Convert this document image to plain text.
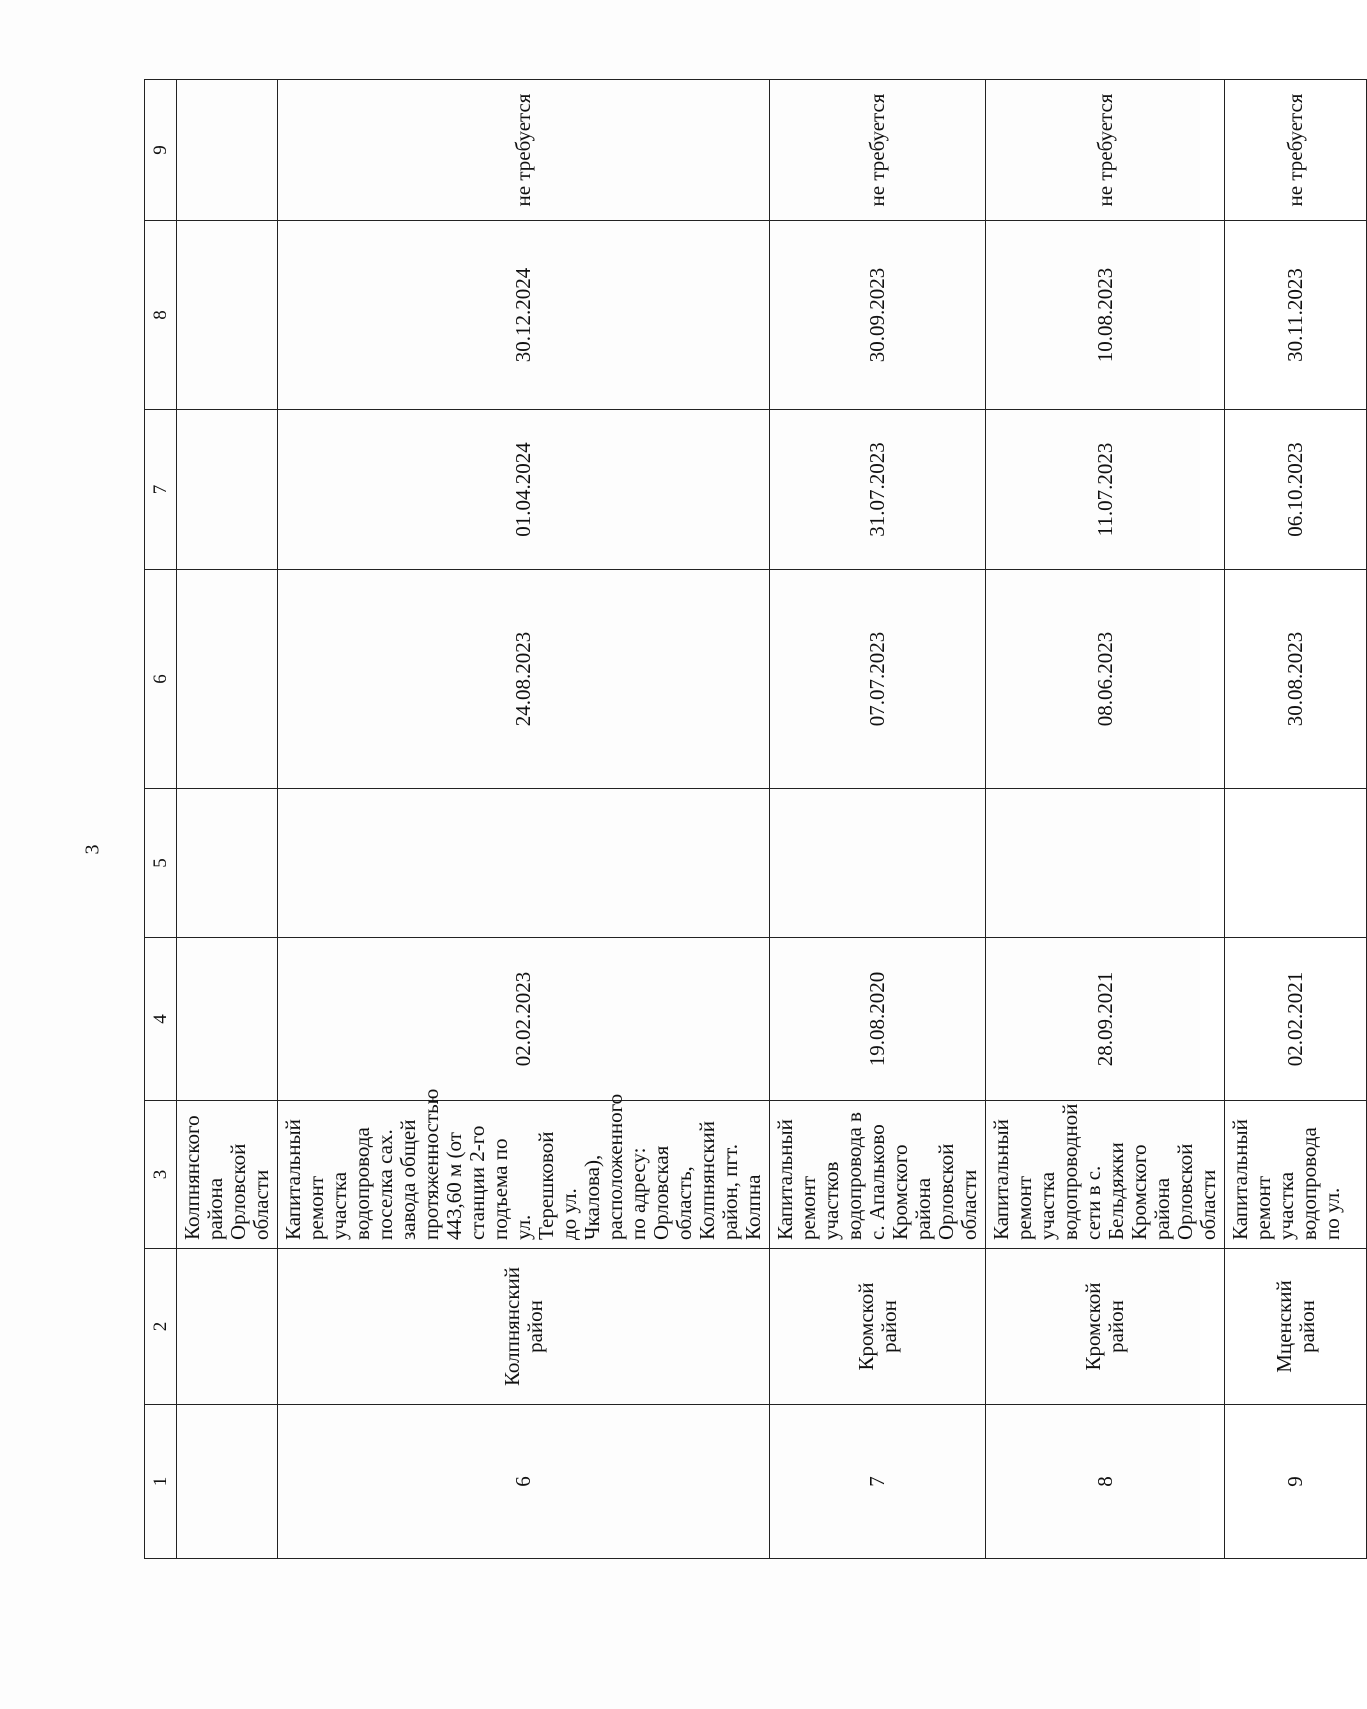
3
1	2	3	4	5	6	7	8	9
		Колпнянского района Орловской области						
6	Колпнянский район	Капитальный ремонт участка водопровода поселка сах. завода общей протяженностью 443,60 м (от станции 2-го подъема по ул. Терешковой до ул. Чкалова), расположенного по адресу: Орловская область, Колпнянский район, пгт. Колпна	02.02.2023		24.08.2023	01.04.2024	30.12.2024	не требуется
7	Кромской район	Капитальный ремонт участков водопровода в с. Апальково Кромского района Орловской области	19.08.2020		07.07.2023	31.07.2023	30.09.2023	не требуется
8	Кромской район	Капитальный ремонт участка водопроводной сети в с. Бельдяжки Кромского района Орловской области	28.09.2021		08.06.2023	11.07.2023	10.08.2023	не требуется
9	Мценский район	Капитальный ремонт участка водопровода по ул.	02.02.2021		30.08.2023	06.10.2023	30.11.2023	не требуется
